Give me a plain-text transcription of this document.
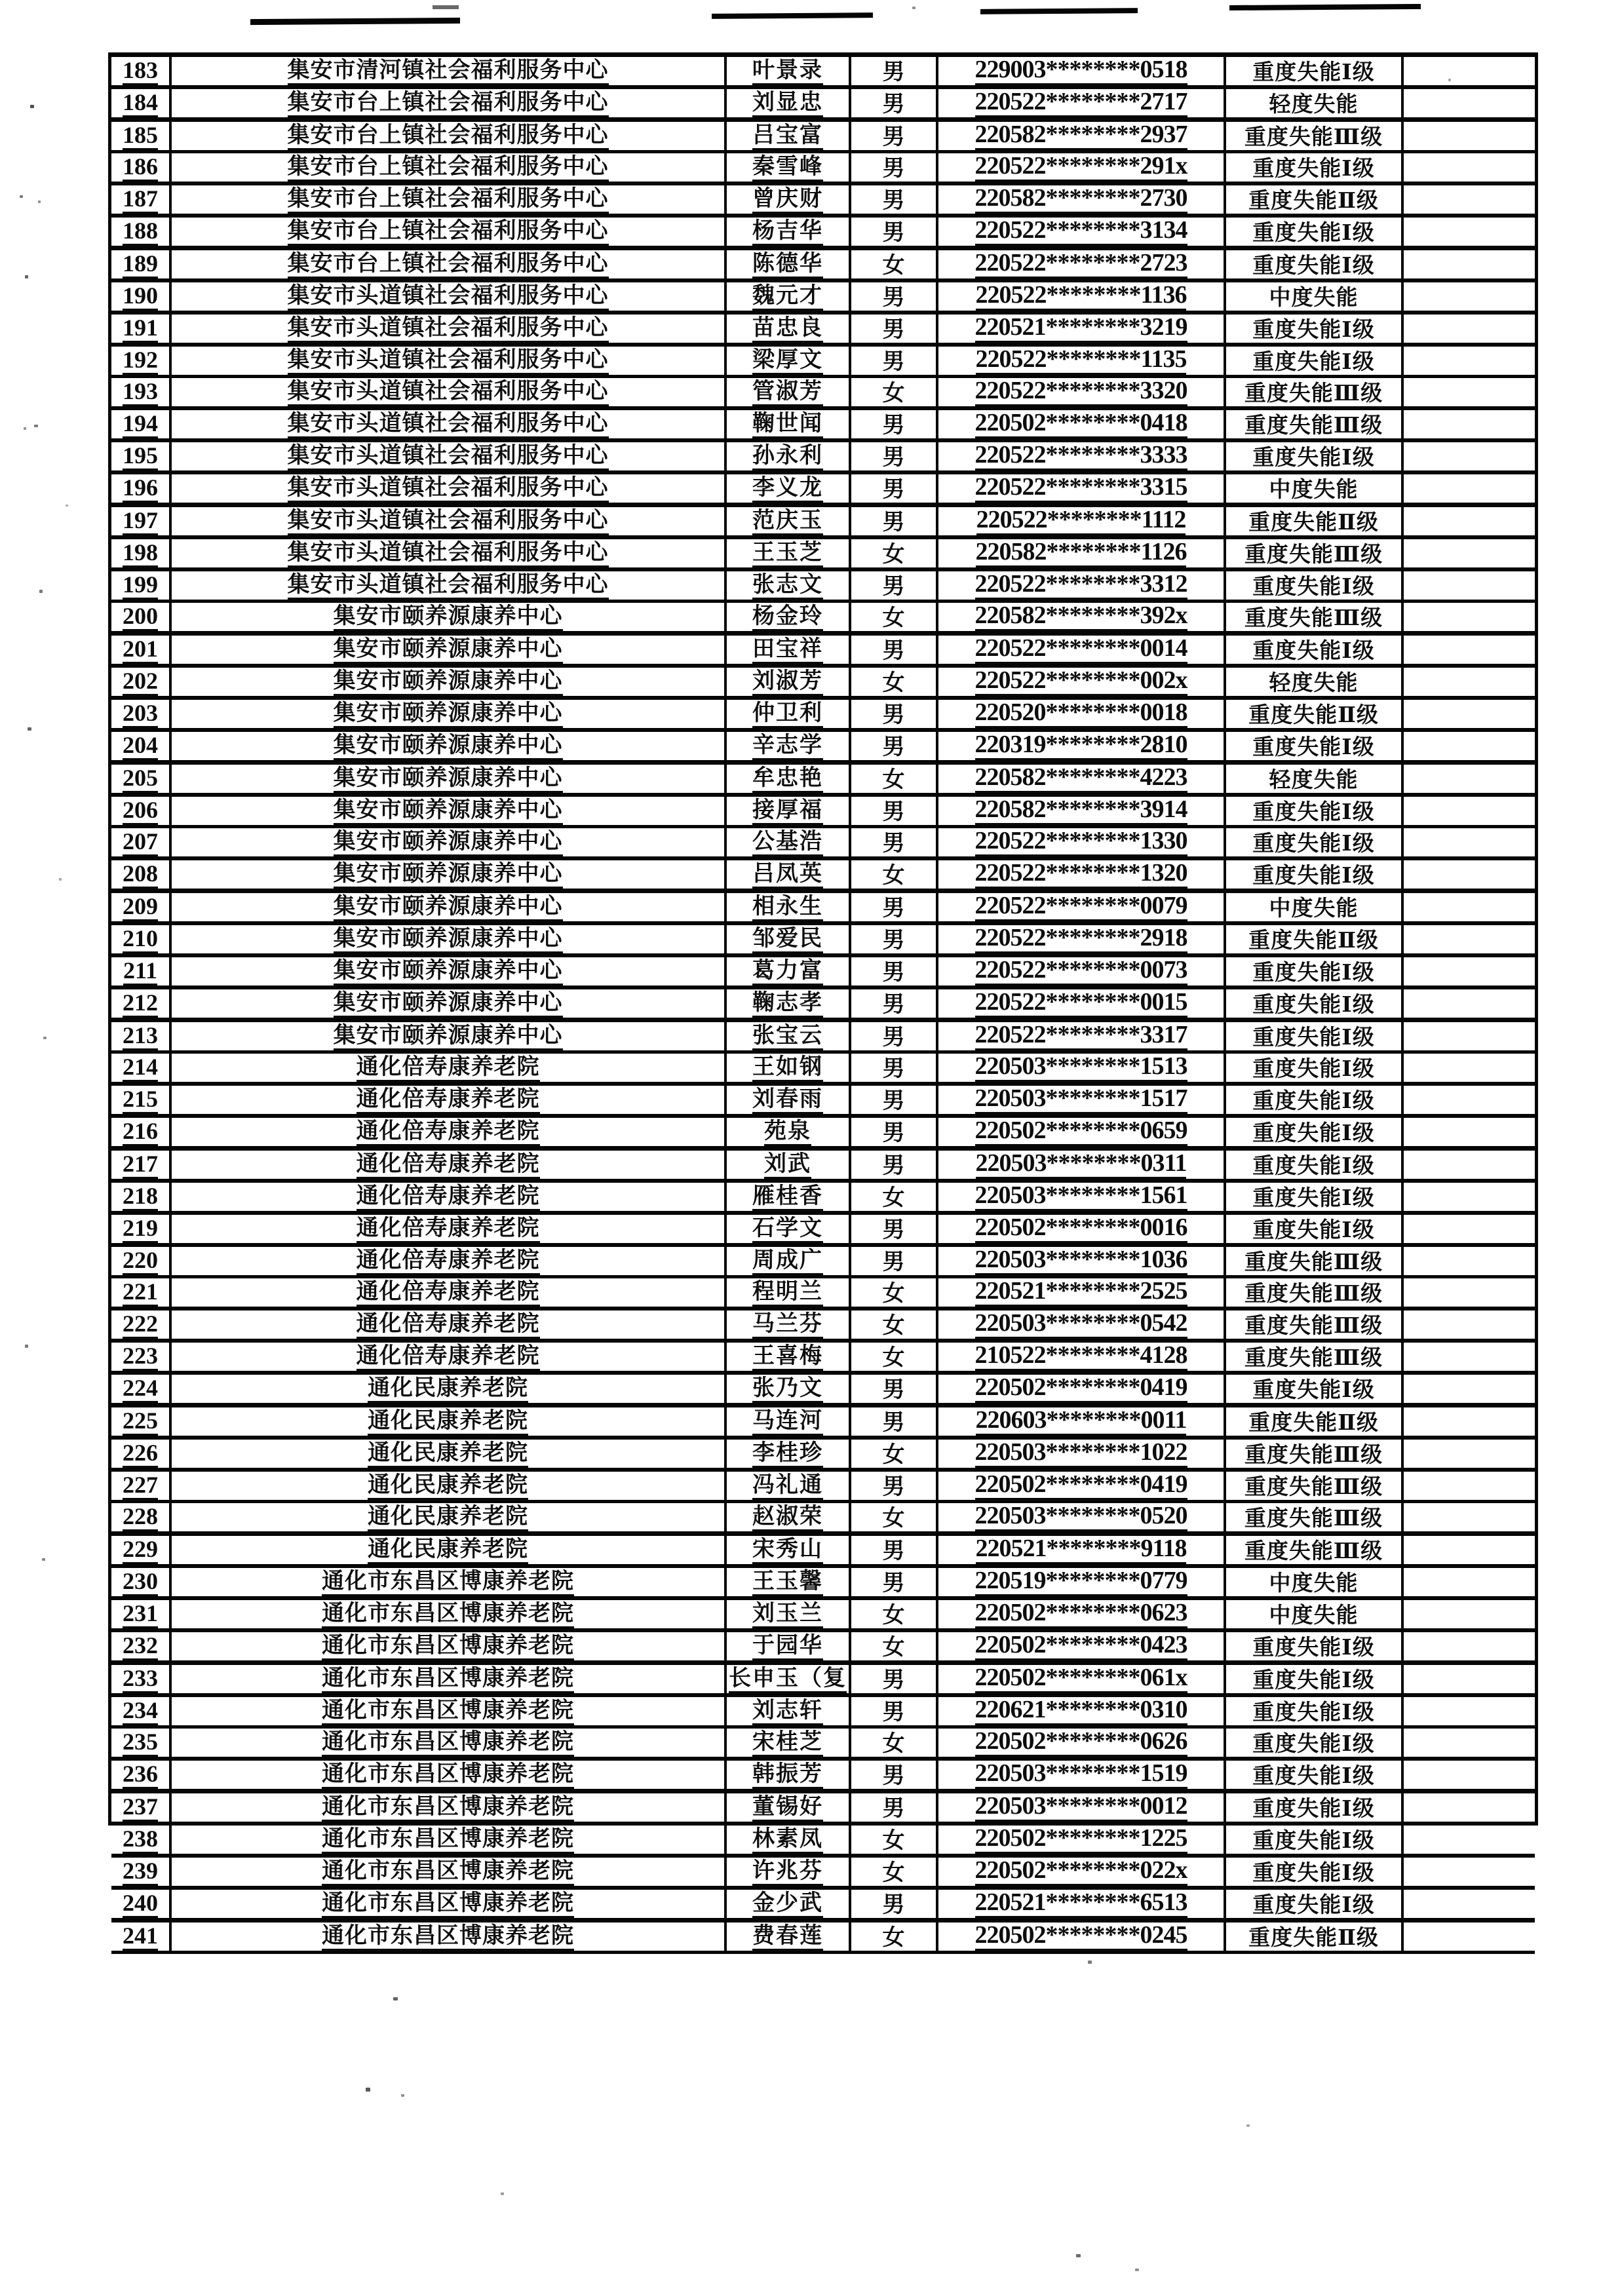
183	集安市清河镇社会福利服务中心	叶景录	男	229003********0518	重度失能Ⅰ级
184	集安市台上镇社会福利服务中心	刘显忠	男	220522********2717	轻度失能
185	集安市台上镇社会福利服务中心	吕宝富	男	220582********2937	重度失能Ⅲ级
186	集安市台上镇社会福利服务中心	秦雪峰	男	220522********291x	重度失能Ⅰ级
187	集安市台上镇社会福利服务中心	曾庆财	男	220582********2730	重度失能Ⅱ级
188	集安市台上镇社会福利服务中心	杨吉华	男	220522********3134	重度失能Ⅰ级
189	集安市台上镇社会福利服务中心	陈德华	女	220522********2723	重度失能Ⅰ级
190	集安市头道镇社会福利服务中心	魏元才	男	220522********1136	中度失能
191	集安市头道镇社会福利服务中心	苗忠良	男	220521********3219	重度失能Ⅰ级
192	集安市头道镇社会福利服务中心	梁厚文	男	220522********1135	重度失能Ⅰ级
193	集安市头道镇社会福利服务中心	管淑芳	女	220522********3320	重度失能Ⅲ级
194	集安市头道镇社会福利服务中心	鞠世闻	男	220502********0418	重度失能Ⅲ级
195	集安市头道镇社会福利服务中心	孙永利	男	220522********3333	重度失能Ⅰ级
196	集安市头道镇社会福利服务中心	李义龙	男	220522********3315	中度失能
197	集安市头道镇社会福利服务中心	范庆玉	男	220522********1112	重度失能Ⅱ级
198	集安市头道镇社会福利服务中心	王玉芝	女	220582********1126	重度失能Ⅲ级
199	集安市头道镇社会福利服务中心	张志文	男	220522********3312	重度失能Ⅰ级
200	集安市颐养源康养中心	杨金玲	女	220582********392x	重度失能Ⅲ级
201	集安市颐养源康养中心	田宝祥	男	220522********0014	重度失能Ⅰ级
202	集安市颐养源康养中心	刘淑芳	女	220522********002x	轻度失能
203	集安市颐养源康养中心	仲卫利	男	220520********0018	重度失能Ⅱ级
204	集安市颐养源康养中心	辛志学	男	220319********2810	重度失能Ⅰ级
205	集安市颐养源康养中心	牟忠艳	女	220582********4223	轻度失能
206	集安市颐养源康养中心	接厚福	男	220582********3914	重度失能Ⅰ级
207	集安市颐养源康养中心	公基浩	男	220522********1330	重度失能Ⅰ级
208	集安市颐养源康养中心	吕凤英	女	220522********1320	重度失能Ⅰ级
209	集安市颐养源康养中心	相永生	男	220522********0079	中度失能
210	集安市颐养源康养中心	邹爱民	男	220522********2918	重度失能Ⅱ级
211	集安市颐养源康养中心	葛力富	男	220522********0073	重度失能Ⅰ级
212	集安市颐养源康养中心	鞠志孝	男	220522********0015	重度失能Ⅰ级
213	集安市颐养源康养中心	张宝云	男	220522********3317	重度失能Ⅰ级
214	通化倍寿康养老院	王如钢	男	220503********1513	重度失能Ⅰ级
215	通化倍寿康养老院	刘春雨	男	220503********1517	重度失能Ⅰ级
216	通化倍寿康养老院	苑泉	男	220502********0659	重度失能Ⅰ级
217	通化倍寿康养老院	刘武	男	220503********0311	重度失能Ⅰ级
218	通化倍寿康养老院	雁桂香	女	220503********1561	重度失能Ⅰ级
219	通化倍寿康养老院	石学文	男	220502********0016	重度失能Ⅰ级
220	通化倍寿康养老院	周成广	男	220503********1036	重度失能Ⅲ级
221	通化倍寿康养老院	程明兰	女	220521********2525	重度失能Ⅲ级
222	通化倍寿康养老院	马兰芬	女	220503********0542	重度失能Ⅲ级
223	通化倍寿康养老院	王喜梅	女	210522********4128	重度失能Ⅲ级
224	通化民康养老院	张乃文	男	220502********0419	重度失能Ⅰ级
225	通化民康养老院	马连河	男	220603********0011	重度失能Ⅱ级
226	通化民康养老院	李桂珍	女	220503********1022	重度失能Ⅲ级
227	通化民康养老院	冯礼通	男	220502********0419	重度失能Ⅲ级
228	通化民康养老院	赵淑荣	女	220503********0520	重度失能Ⅲ级
229	通化民康养老院	宋秀山	男	220521********9118	重度失能Ⅲ级
230	通化市东昌区博康养老院	王玉馨	男	220519********0779	中度失能
231	通化市东昌区博康养老院	刘玉兰	女	220502********0623	中度失能
232	通化市东昌区博康养老院	于园华	女	220502********0423	重度失能Ⅰ级
233	通化市东昌区博康养老院	长申玉（复 男	220502********061x	重度失能Ⅰ级
234	通化市东昌区博康养老院	刘志轩	男	220621********0310	重度失能Ⅰ级
235	通化市东昌区博康养老院	宋桂芝	女	220502********0626	重度失能Ⅰ级
236	通化市东昌区博康养老院	韩振芳	男	220503********1519	重度失能Ⅰ级
237	通化市东昌区博康养老院	董锡好	男	220503********0012	重度失能Ⅰ级
238	通化市东昌区博康养老院	林素凤	女	220502********1225	重度失能Ⅰ级
239	通化市东昌区博康养老院	许兆芬	女	220502********022x	重度失能Ⅰ级
240	通化市东昌区博康养老院	金少武	男	220521********6513	重度失能Ⅰ级
241	通化市东昌区博康养老院	费春莲	女	220502********0245	重度失能Ⅱ级
